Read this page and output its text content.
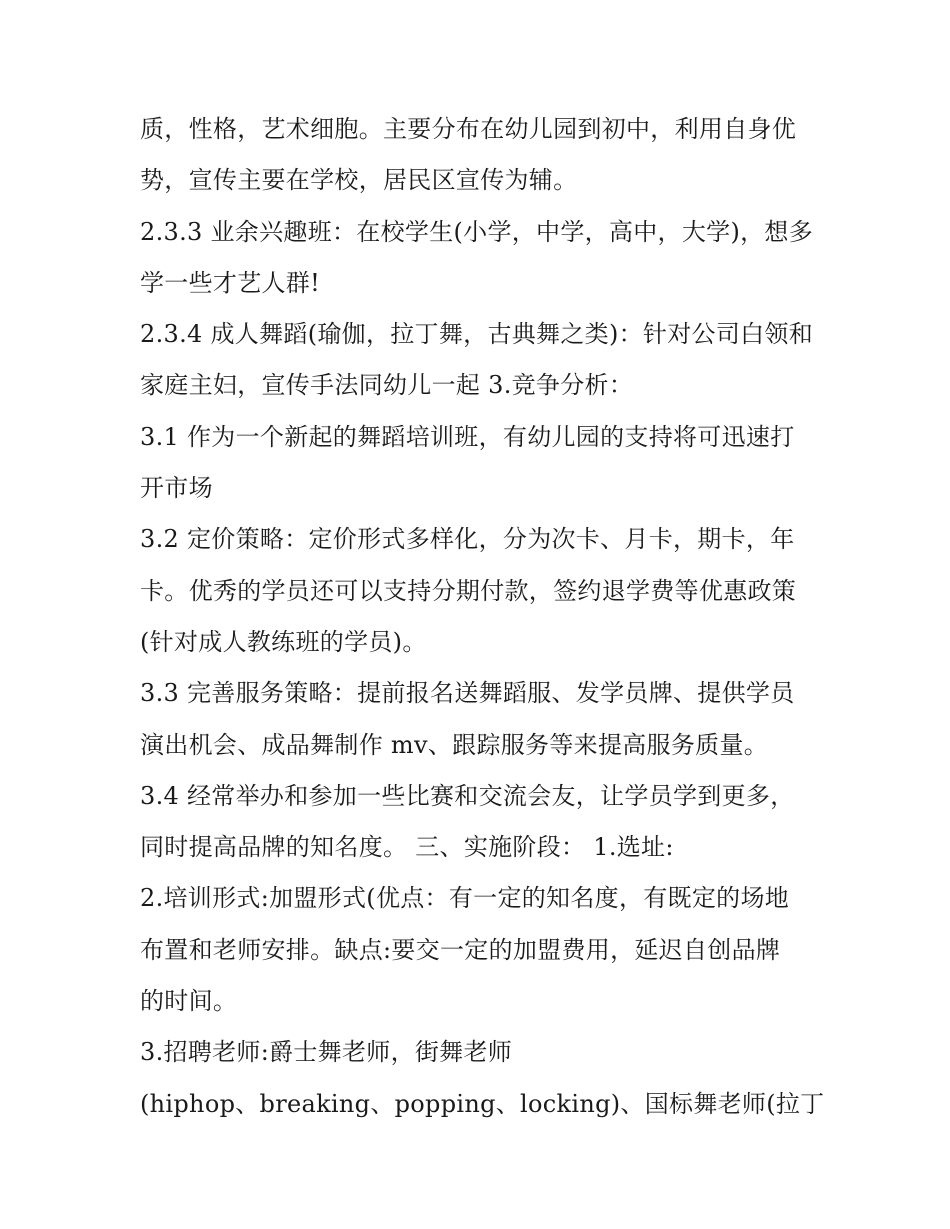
质，性格，艺术细胞。主要分布在幼儿园到初中，利用自身优
势，宣传主要在学校，居民区宣传为辅。
2.3.3 业余兴趣班：在校学生(小学，中学，高中，大学)，想多
学一些才艺人群!
2.3.4 成人舞蹈(瑜伽，拉丁舞，古典舞之类)：针对公司白领和
家庭主妇，宣传手法同幼儿一起 3.竞争分析：
3.1 作为一个新起的舞蹈培训班，有幼儿园的支持将可迅速打
开市场
3.2 定价策略：定价形式多样化，分为次卡、月卡，期卡，年
卡。优秀的学员还可以支持分期付款，签约退学费等优惠政策
(针对成人教练班的学员)。
3.3 完善服务策略：提前报名送舞蹈服、发学员牌、提供学员
演出机会、成品舞制作 mv、跟踪服务等来提高服务质量。
3.4 经常举办和参加一些比赛和交流会友，让学员学到更多，
同时提高品牌的知名度。 三、实施阶段： 1.选址:
2.培训形式:加盟形式(优点：有一定的知名度，有既定的场地
布置和老师安排。缺点:要交一定的加盟费用，延迟自创品牌
的时间。
3.招聘老师:爵士舞老师，街舞老师
(hiphop、breaking、popping、locking)、国标舞老师(拉丁
